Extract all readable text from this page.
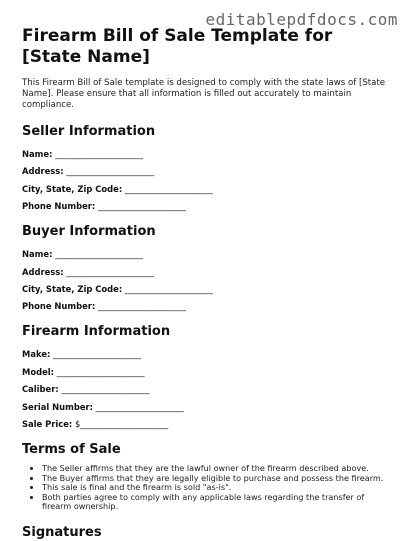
editablepdfdocs.com
Firearm Bill of Sale Template for [State Name]

This Firearm Bill of Sale template is designed to comply with the state laws of [State Name]. Please ensure that all information is filled out accurately to maintain compliance.

Seller Information
Name: _____________________
Address: _____________________
City, State, Zip Code: _____________________
Phone Number: _____________________
Buyer Information
Name: _____________________
Address: _____________________
City, State, Zip Code: _____________________
Phone Number: _____________________
Firearm Information
Make: _____________________
Model: _____________________
Caliber: _____________________
Serial Number: _____________________
Sale Price: $_____________________
Terms of Sale
• The Seller affirms that they are the lawful owner of the firearm described above.
• The Buyer affirms that they are legally eligible to purchase and possess the firearm.
• This sale is final and the firearm is sold "as-is".
• Both parties agree to comply with any applicable laws regarding the transfer of firearm ownership.
Signatures
